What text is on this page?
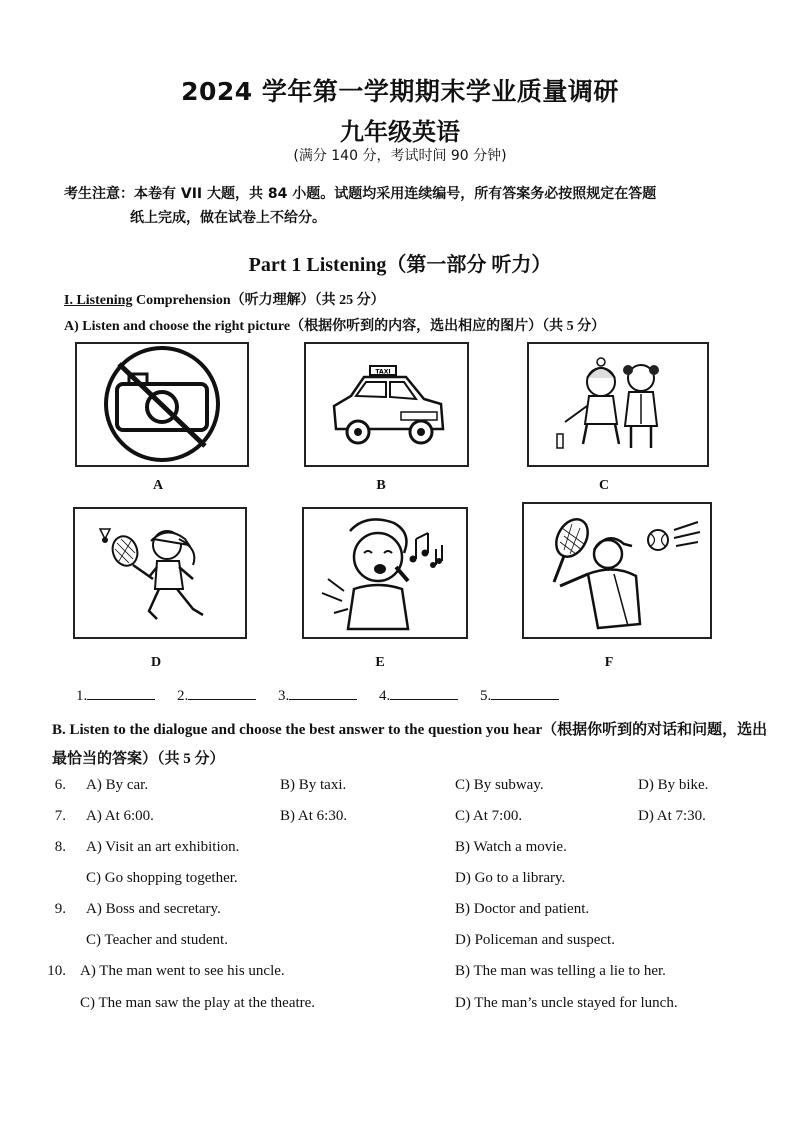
2024 学年第一学期期末学业质量调研
九年级英语
(满分 140 分，考试时间 90 分钟)
考生注意：本卷有 VII 大题，共 84 小题。试题均采用连续编号，所有答案务必按照规定在答题
纸上完成，做在试卷上不给分。
Part 1 Listening（第一部分 听力）
I. Listening Comprehension（听力理解）（共 25 分）
A) Listen and choose the right picture（根据你听到的内容，选出相应的图片）（共 5 分）
A
TAXI
B	C
D	E	F
1.	2.	3.	4.	5.
B. Listen to the dialogue and choose the best answer to the question you hear（根据你听到的对话和问题，选出最恰当的答案）（共 5 分）
6. A) By car.	B) By taxi.	C) By subway.	D) By bike.
7. A) At 6:00.	B) At 6:30.	C) At 7:00.	D) At 7:30.
8. A) Visit an art exhibition.	B) Watch a movie.
C) Go shopping together.	D) Go to a library.
9. A) Boss and secretary.	B) Doctor and patient.
C) Teacher and student.	D) Policeman and suspect.
10. A) The man went to see his uncle.	B) The man was telling a lie to her.
C) The man saw the play at the theatre.	D) The man’s uncle stayed for lunch.
